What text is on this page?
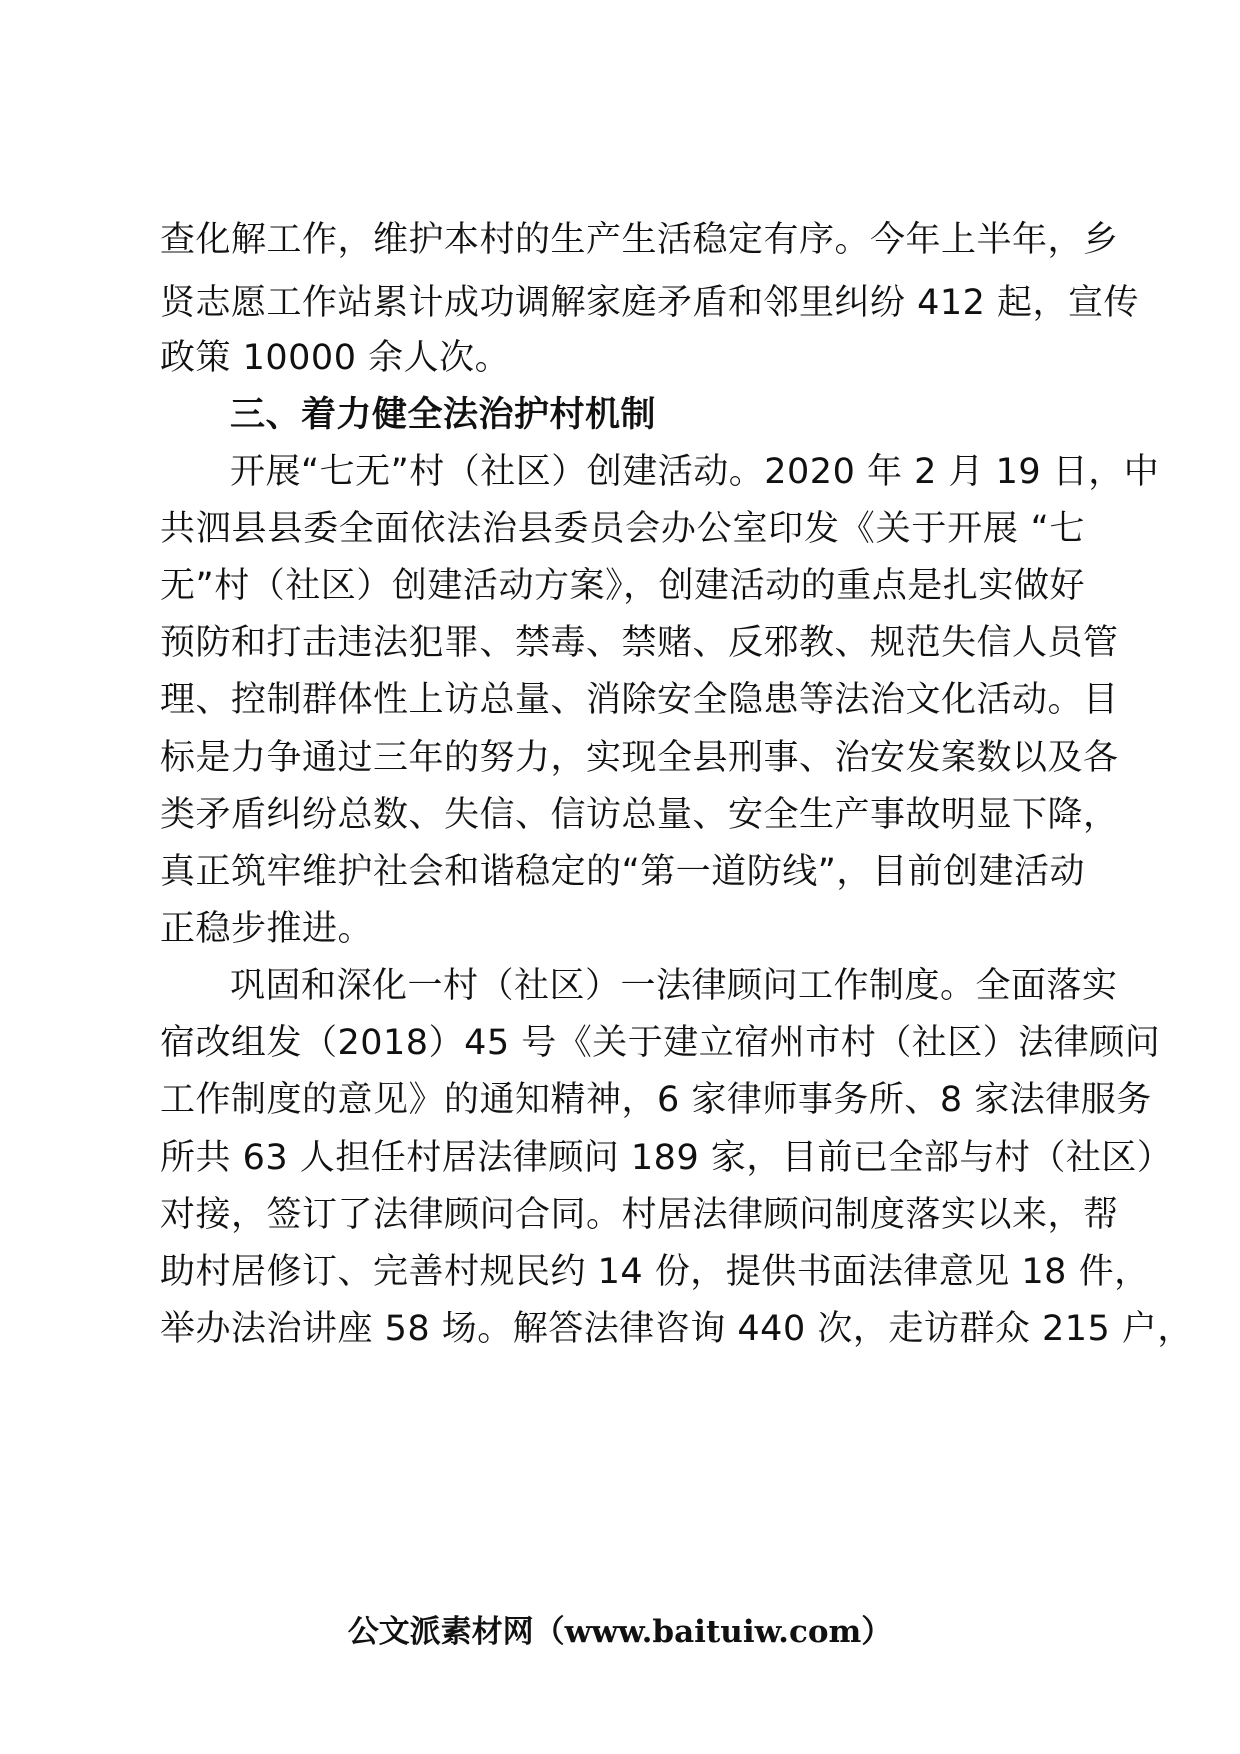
查化解工作，维护本村的生产生活稳定有序。今年上半年，乡
贤志愿工作站累计成功调解家庭矛盾和邻里纠纷 412 起，宣传
政策 10000 余人次。
三、着力健全法治护村机制
开展“七无”村（社区）创建活动。2020 年 2 月 19 日，中
共泗县县委全面依法治县委员会办公室印发《关于开展 “七
无”村（社区）创建活动方案》，创建活动的重点是扎实做好
预防和打击违法犯罪、禁毒、禁赌、反邪教、规范失信人员管
理、控制群体性上访总量、消除安全隐患等法治文化活动。目
标是力争通过三年的努力，实现全县刑事、治安发案数以及各
类矛盾纠纷总数、失信、信访总量、安全生产事故明显下降，
真正筑牢维护社会和谐稳定的“第一道防线”，目前创建活动
正稳步推进。
巩固和深化一村（社区）一法律顾问工作制度。全面落实
宿改组发（2018）45 号《关于建立宿州市村（社区）法律顾问
工作制度的意见》的通知精神，6 家律师事务所、8 家法律服务
所共 63 人担任村居法律顾问 189 家，目前已全部与村（社区）
对接，签订了法律顾问合同。村居法律顾问制度落实以来，帮
助村居修订、完善村规民约 14 份，提供书面法律意见 18 件，
举办法治讲座 58 场。解答法律咨询 440 次，走访群众 215 户，
公文派素材网（www.baituiw.com）
